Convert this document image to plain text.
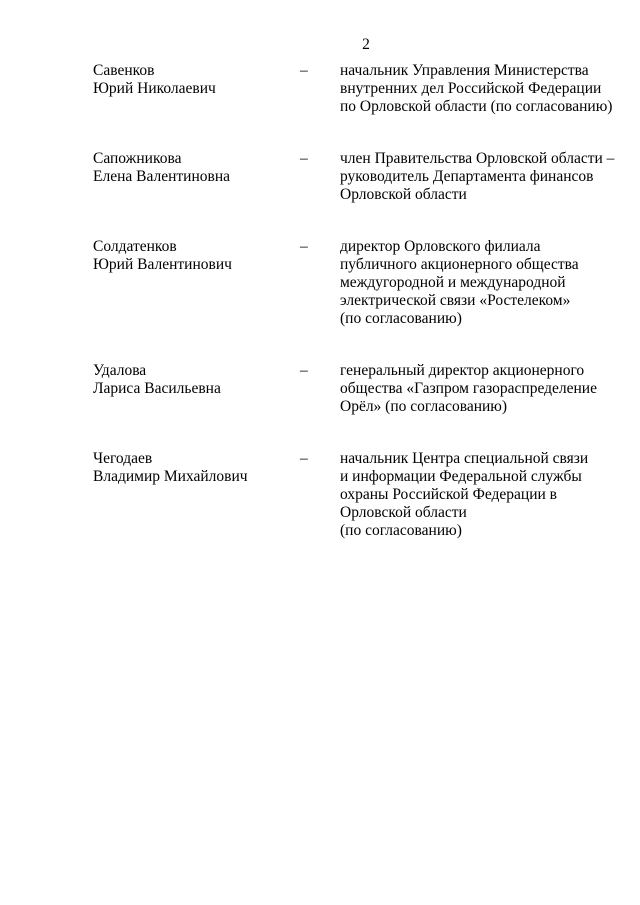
2
Савенков
Юрий Николаевич
– начальник Управления Министерства
внутренних дел Российской Федерации
по Орловской области (по согласованию)
Сапожникова
Елена Валентиновна
– член Правительства Орловской области –
руководитель Департамента финансов
Орловской области
Солдатенков
Юрий Валентинович
– директор Орловского филиала
публичного акционерного общества
междугородной и международной
электрической связи «Ростелеком»
(по согласованию)
Удалова
Лариса Васильевна
– генеральный директор акционерного
общества «Газпром газораспределение
Орёл» (по согласованию)
Чегодаев
Владимир Михайлович
– начальник Центра специальной связи
и информации Федеральной службы
охраны Российской Федерации в
Орловской области
(по согласованию)
